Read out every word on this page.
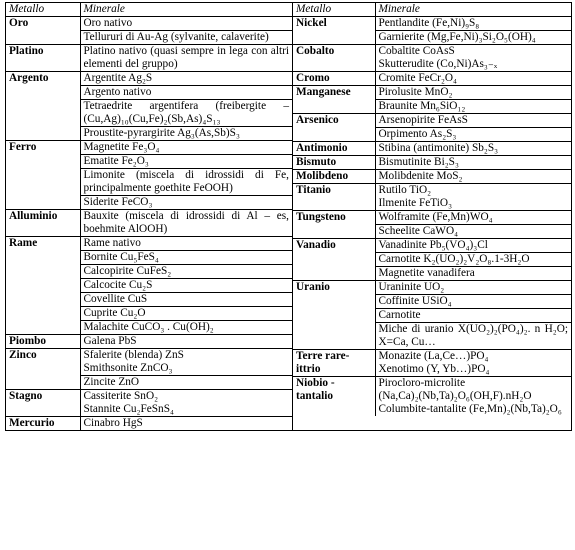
Metallo	Minerale
Oro	Oro nativo
Tellururi di Au-Ag (sylvanite, calaverite)
Platino	Platino nativo (quasi sempre in lega con altri elementi del gruppo)
Argento	Argentite Ag₂S
Argento nativo
Tetraedrite argentifera (freibergite – (Cu,Ag)₁₀(Cu,Fe)₂(Sb,As)₄S₁₃
Proustite-pyrargirite Ag₃(As,Sb)S₃
Ferro	Magnetite Fe₃O₄
Ematite Fe₂O₃
Limonite (miscela di idrossidi di Fe, principalmente goethite FeOOH)
Siderite FeCO₃
Alluminio	Bauxite (miscela di idrossidi di Al – es, boehmite AlOOH)
Rame	Rame nativo
Bornite Cu₅FeS₄
Calcopirite CuFeS₂
Calcocite Cu₂S
Covellite CuS
Cuprite Cu₂O
Malachite CuCO₃ . Cu(OH)₂
Piombo	Galena PbS
Zinco	Sfalerite (blenda) ZnS
Smithsonite ZnCO₃
Zincite ZnO
Stagno	Cassiterite SnO₂
Stannite Cu₂FeSnS₄
Mercurio	Cinabro HgS

Metallo	Minerale
Nickel	Pentlandite (Fe,Ni)₉S₈
Garnierite (Mg,Fe,Ni)₃Si₂O₅(OH)₄
Cobalto	Cobaltite CoAsS
Skutterudite (Co,Ni)As₃₋ₓ
Cromo	Cromite FeCr₂O₄
Manganese	Pirolusite MnO₂
Braunite Mn₆SiO₁₂
Arsenico	Arsenopirite FeAsS
Orpimento As₂S₃
Antimonio	Stibina (antimonite) Sb₂S₃
Bismuto	Bismutinite Bi₂S₃
Molibdeno	Molibdenite MoS₂
Titanio	Rutilo TiO₂
Ilmenite FeTiO₃
Tungsteno	Wolframite (Fe,Mn)WO₄
Scheelite CaWO₄
Vanadio	Vanadinite Pb₅(VO₄)₃Cl
Carnotite K₂(UO₂)₂V₂O₈.1-3H₂O
Magnetite vanadifera
Uranio	Uraninite UO₂
Coffinite USiO₄
Carnotite
Miche di uranio X(UO₂)₂(PO₄)₂. n H₂O; X=Ca, Cu…
Terre rare-ittrio	Monazite (La,Ce…)PO₄
Xenotimo (Y, Yb…)PO₄
Niobio - tantalio	Pirocloro-microlite (Na,Ca)₂(Nb,Ta)₂O₆(OH,F).nH₂O
Columbite-tantalite (Fe,Mn)₂(Nb,Ta)₂O₆
